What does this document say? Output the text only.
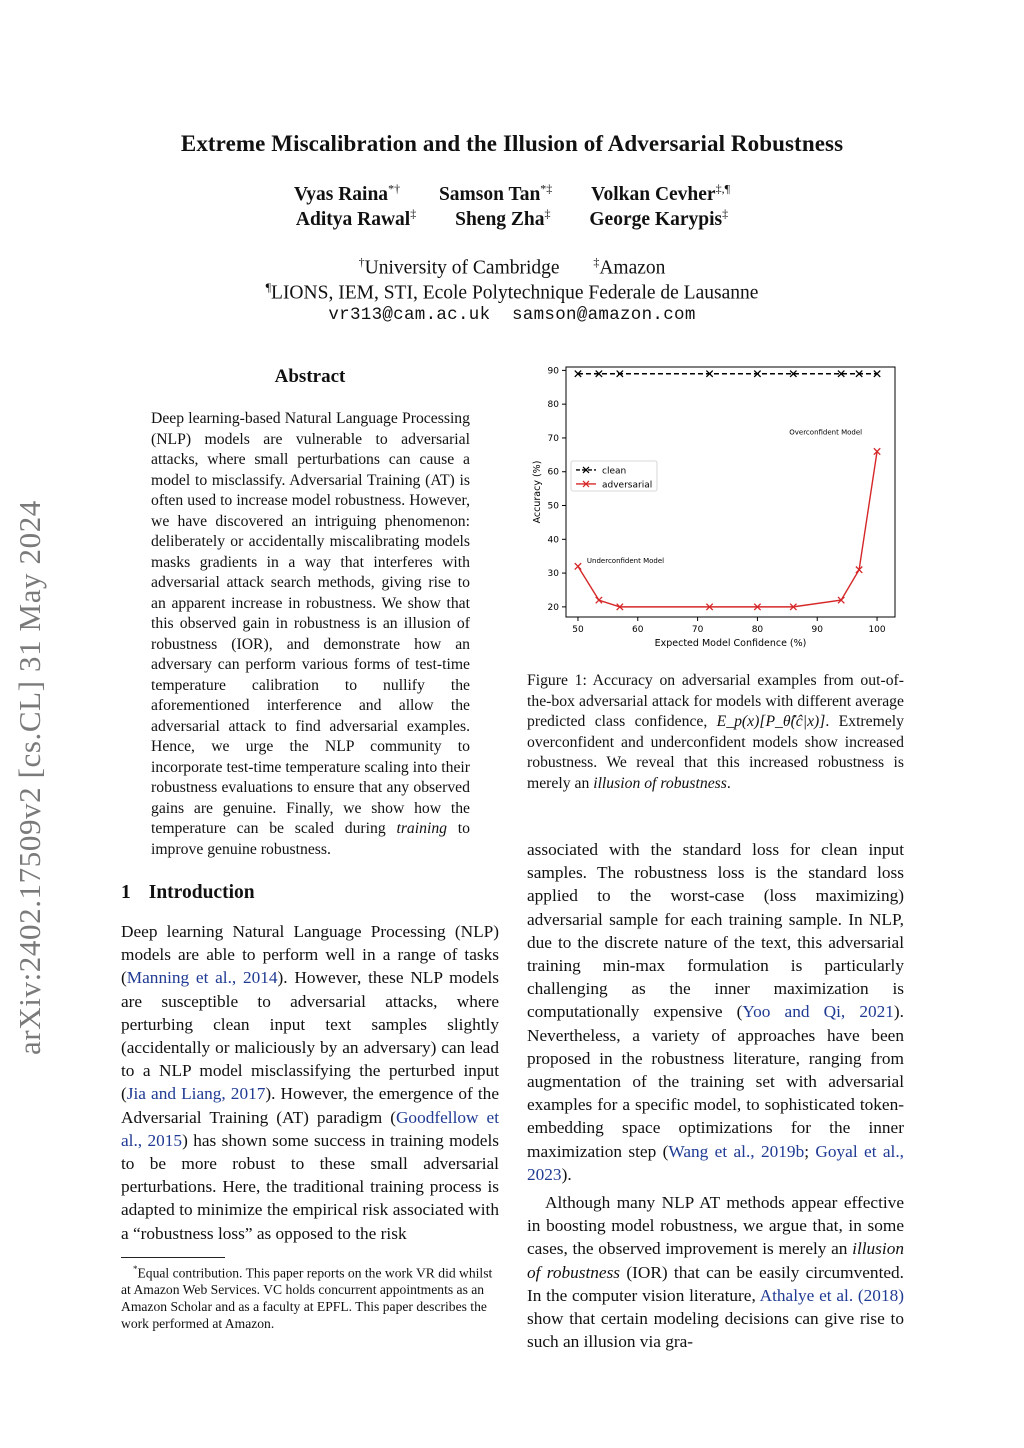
Extreme Miscalibration and the Illusion of Adversarial Robustness
Vyas Raina*† Samson Tan*‡ Volkan Cevher‡,¶
Aditya Rawal‡ Sheng Zha‡ George Karypis‡
†University of Cambridge	‡Amazon
¶LIONS, IEM, STI, Ecole Polytechnique Federale de Lausanne
vr313@cam.ac.uk  samson@amazon.com
arXiv:2402.17509v2 [cs.CL] 31 May 2024
Abstract
Deep learning-based Natural Language Processing (NLP) models are vulnerable to adversarial attacks, where small perturbations can cause a model to misclassify. Adversarial Training (AT) is often used to increase model robustness. However, we have discovered an intriguing phenomenon: deliberately or accidentally miscalibrating models masks gradients in a way that interferes with adversarial attack search methods, giving rise to an apparent increase in robustness. We show that this observed gain in robustness is an illusion of robustness (IOR), and demonstrate how an adversary can perform various forms of test-time temperature calibration to nullify the aforementioned interference and allow the adversarial attack to find adversarial examples. Hence, we urge the NLP community to incorporate test-time temperature scaling into their robustness evaluations to ensure that any observed gains are genuine. Finally, we show how the temperature can be scaled during training to improve genuine robustness.
1 Introduction
Deep learning Natural Language Processing (NLP) models are able to perform well in a range of tasks (Manning et al., 2014). However, these NLP models are susceptible to adversarial attacks, where perturbing clean input text samples slightly (accidentally or maliciously by an adversary) can lead to a NLP model misclassifying the perturbed input (Jia and Liang, 2017). However, the emergence of the Adversarial Training (AT) paradigm (Goodfellow et al., 2015) has shown some success in training models to be more robust to these small adversarial perturbations. Here, the traditional training process is adapted to minimize the empirical risk associated with a “robustness loss” as opposed to the risk
*Equal contribution. This paper reports on the work VR did whilst at Amazon Web Services. VC holds concurrent appointments as an Amazon Scholar and as a faculty at EPFL. This paper describes the work performed at Amazon.
50	60	70	80	90	100
20
30
40
50
60
70
80
90
Expected Model Confidence (%)
Accuracy (%)	clean
adversarial
Overconfident Model
Underconfident Model
Figure 1: Accuracy on adversarial examples from out-of-the-box adversarial attack for models with different average predicted class confidence, E_p(x)[P_θ̂(ĉ|x)]. Extremely overconfident and underconfident models show increased robustness. We reveal that this increased robustness is merely an illusion of robustness.

associated with the standard loss for clean input samples. The robustness loss is the standard loss applied to the worst-case (loss maximizing) adversarial sample for each training sample. In NLP, due to the discrete nature of the text, this adversarial training min-max formulation is particularly challenging as the inner maximization is computationally expensive (Yoo and Qi, 2021). Nevertheless, a variety of approaches have been proposed in the robustness literature, ranging from augmentation of the training set with adversarial examples for a specific model, to sophisticated token-embedding space optimizations for the inner maximization step (Wang et al., 2019b; Goyal et al., 2023).

Although many NLP AT methods appear effective in boosting model robustness, we argue that, in some cases, the observed improvement is merely an illusion of robustness (IOR) that can be easily circumvented. In the computer vision literature, Athalye et al. (2018) show that certain modeling decisions can give rise to such an illusion via gra-
